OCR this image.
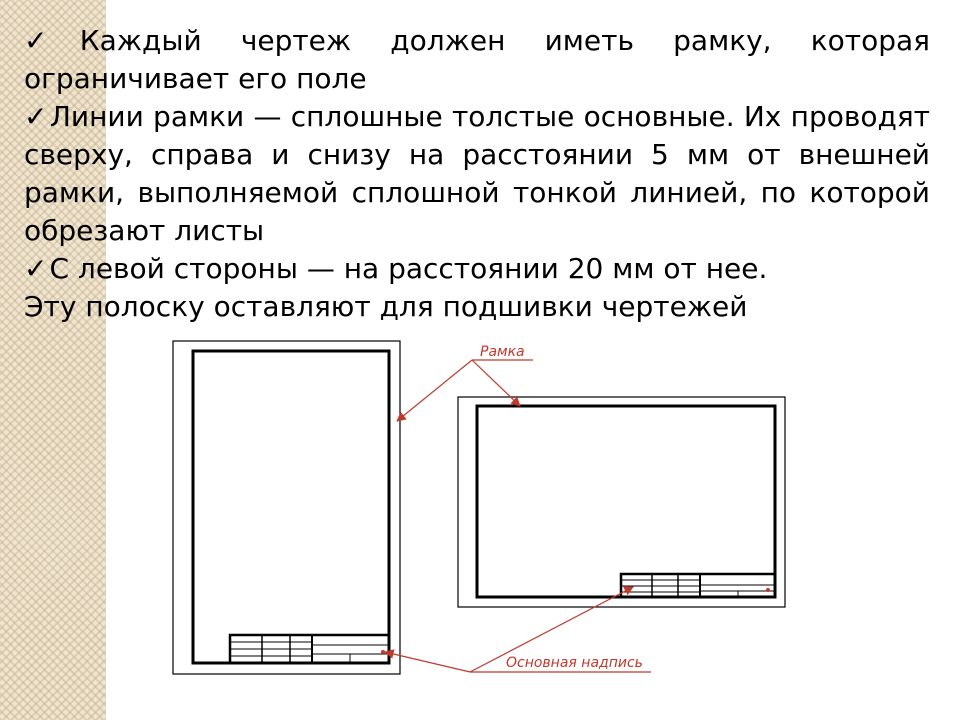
✓Каждый чертеж должен иметь рамку, которая ограничивает его поле

✓Линии рамки — сплошные толстые основные. Их проводят сверху, справа и снизу на расстоянии 5 мм от внешней рамки, выполняемой сплошной тонкой линией, по которой обрезают листы

✓С левой стороны — на расстоянии 20 мм от нее.

Эту полоску оставляют для подшивки чертежей

Рамка
Основная надпись
